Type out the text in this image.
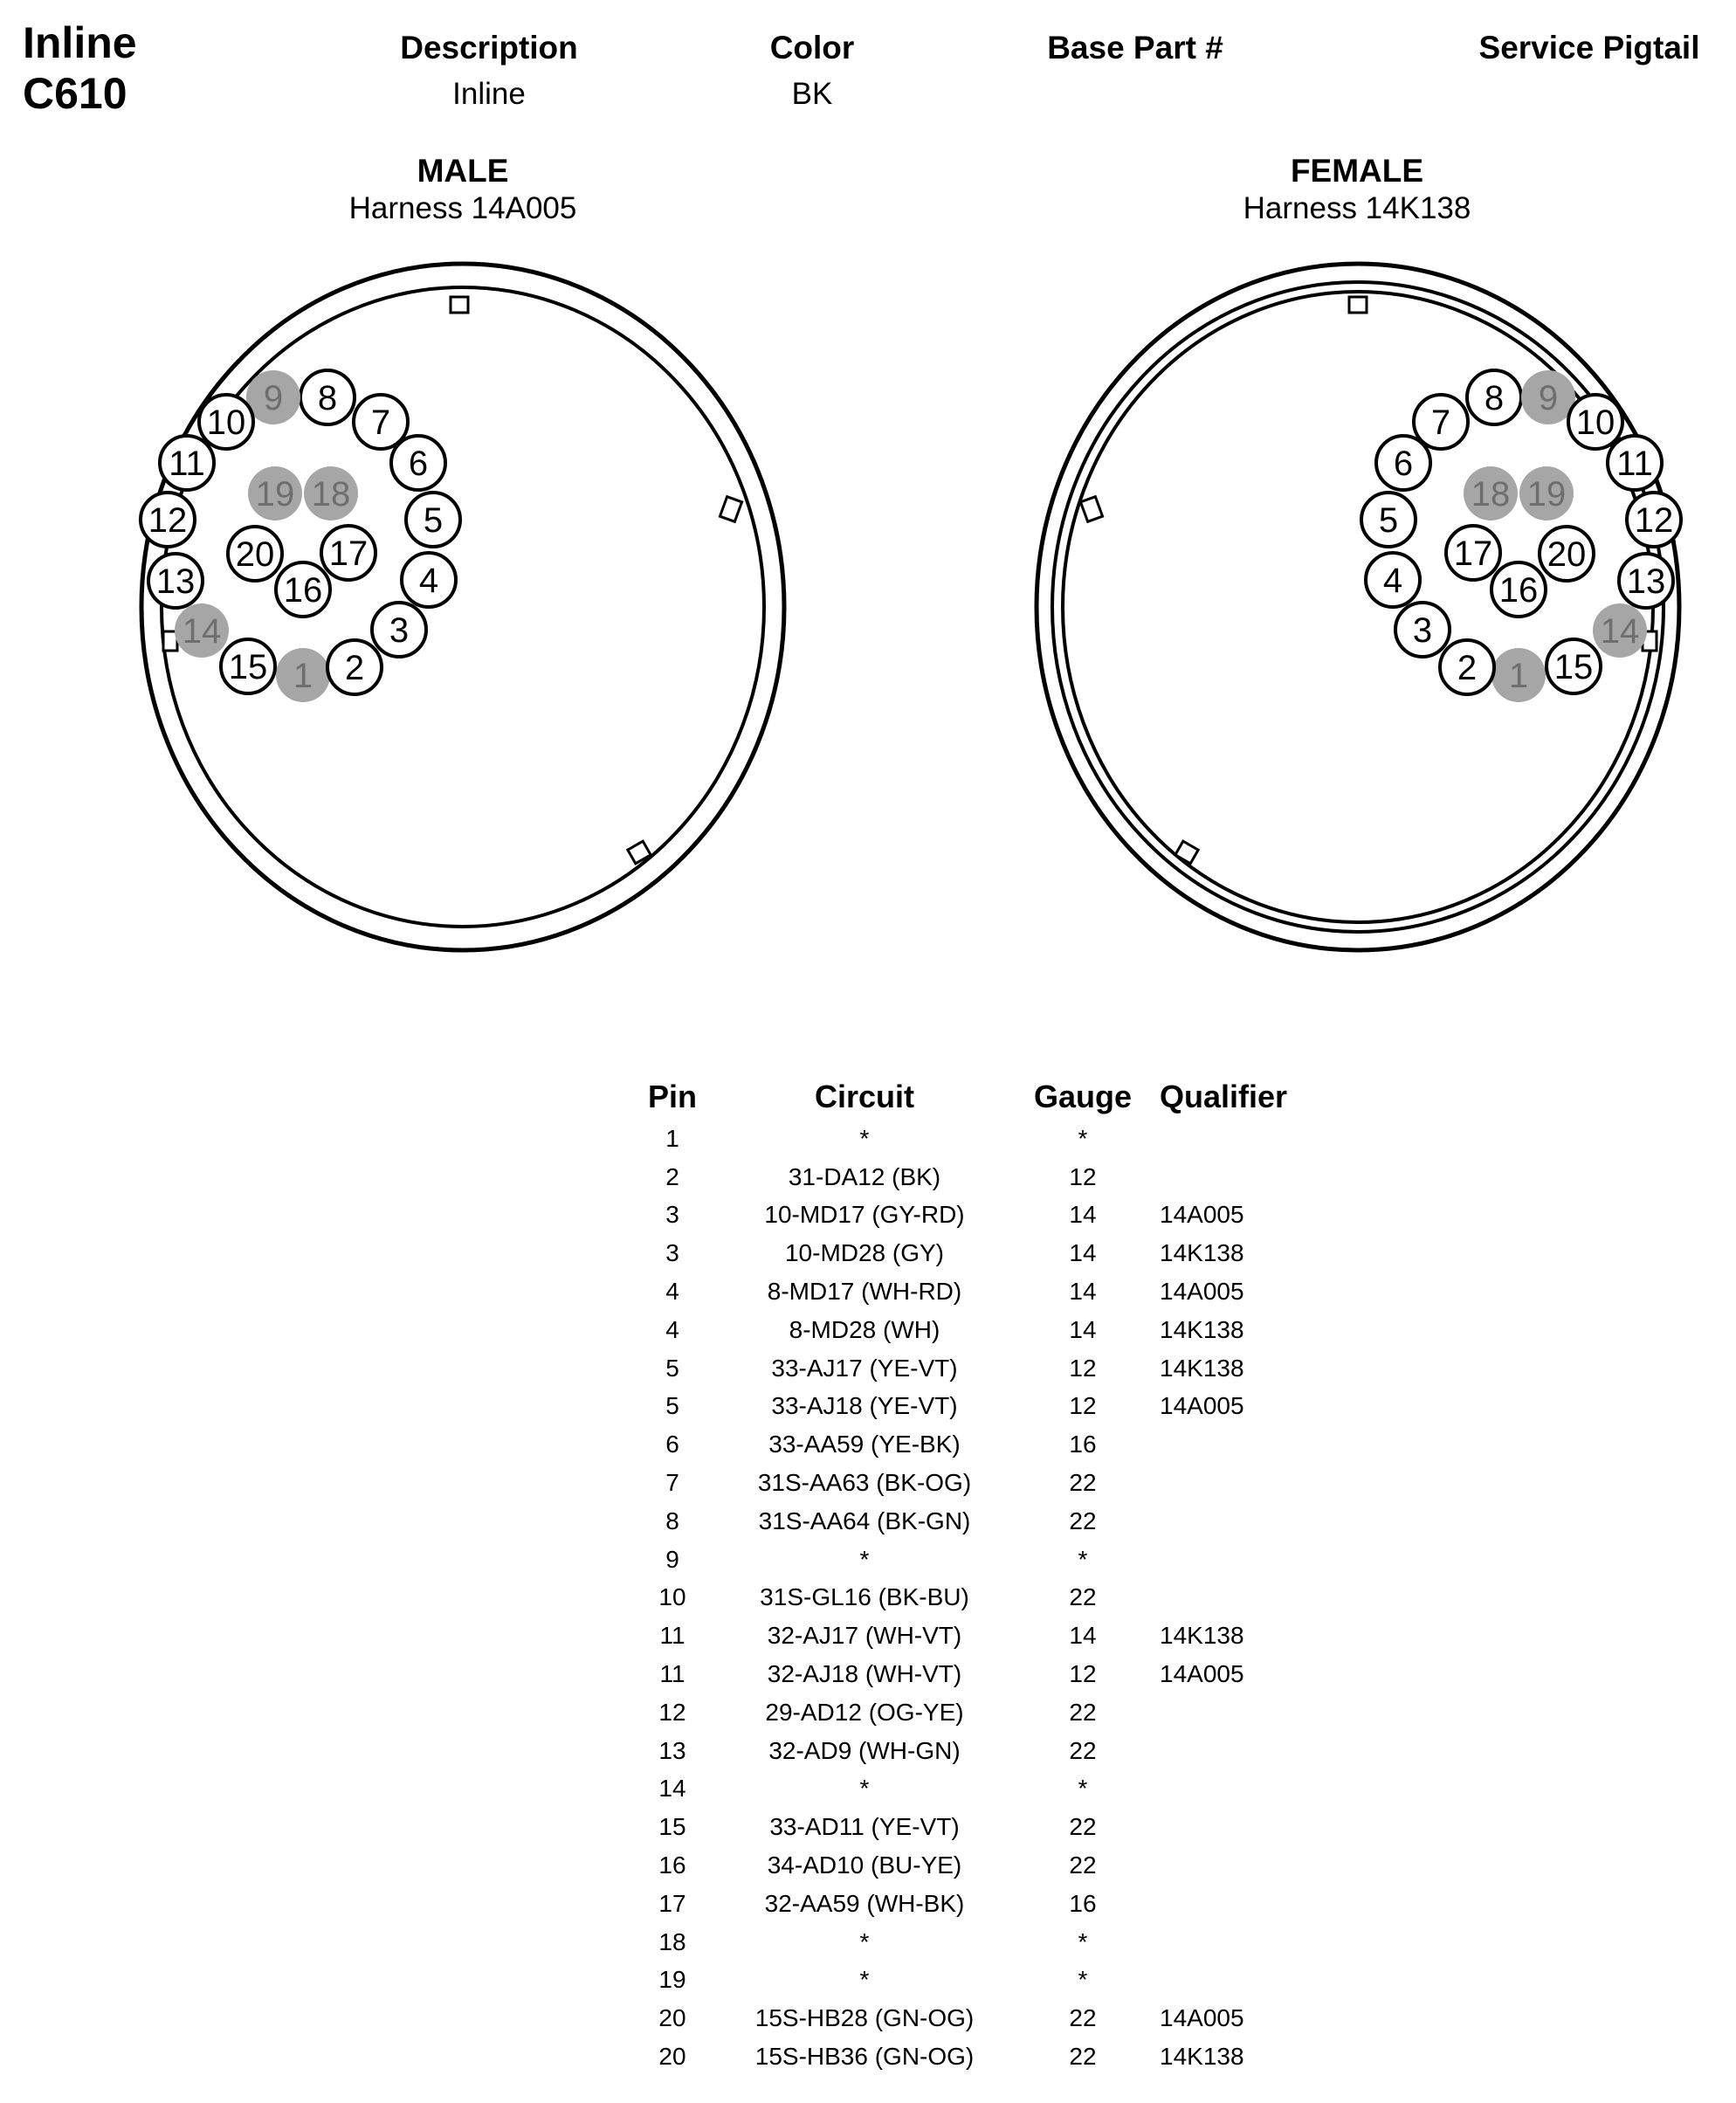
Inline
C610
Description
Inline
Color
BK
Base Part #	Service Pigtail
MALE
Harness 14A005
FEMALE
Harness 14K138
1 2
3
4
5
6
7
8
9
10
11
12
13
14
15
16
17
18
19
20
1
2
3
4
5
6
7
8 9
10
11
12
13
14
15
16
17
18 19
20
Pin	Circuit	Gauge	Qualifier
1	*	*	
2	31-DA12 (BK)	12	
3	10-MD17 (GY-RD)	14	14A005
3	10-MD28 (GY)	14	14K138
4	8-MD17 (WH-RD)	14	14A005
4	8-MD28 (WH)	14	14K138
5	33-AJ17 (YE-VT)	12	14K138
5	33-AJ18 (YE-VT)	12	14A005
6	33-AA59 (YE-BK)	16	
7	31S-AA63 (BK-OG)	22	
8	31S-AA64 (BK-GN)	22	
9	*	*	
10	31S-GL16 (BK-BU)	22	
11	32-AJ17 (WH-VT)	14	14K138
11	32-AJ18 (WH-VT)	12	14A005
12	29-AD12 (OG-YE)	22	
13	32-AD9 (WH-GN)	22	
14	*	*	
15	33-AD11 (YE-VT)	22	
16	34-AD10 (BU-YE)	22	
17	32-AA59 (WH-BK)	16	
18	*	*	
19	*	*	
20	15S-HB28 (GN-OG)	22	14A005
20	15S-HB36 (GN-OG)	22	14K138
